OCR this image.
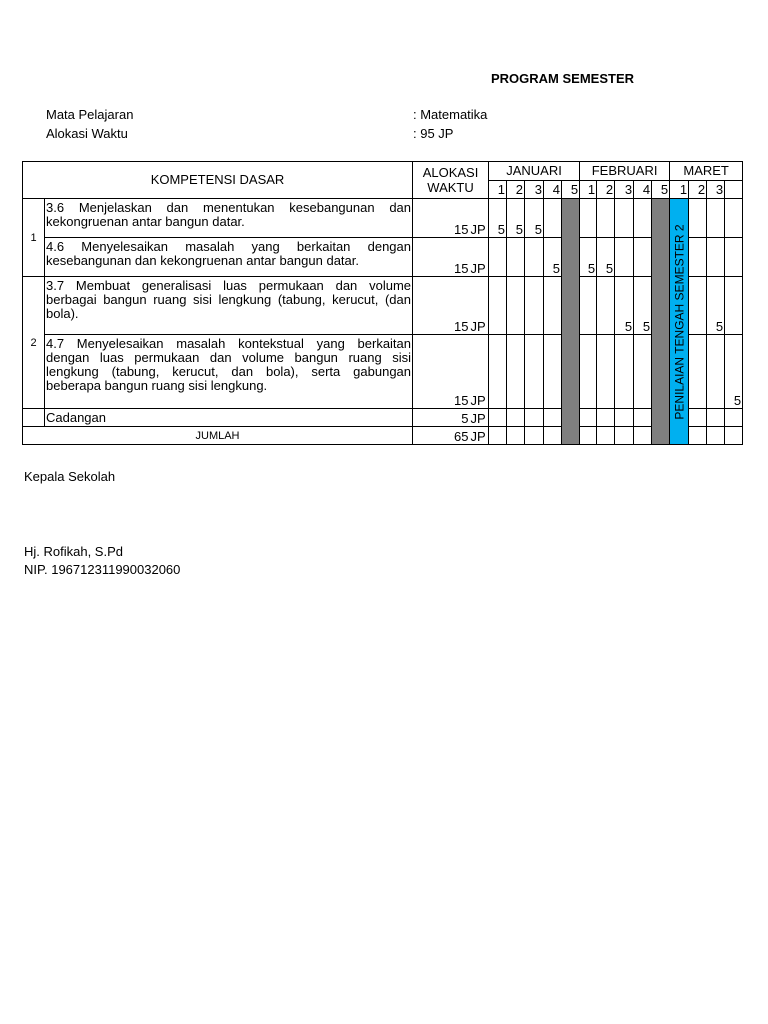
PROGRAM SEMESTER
Mata Pelajaran	: Matematika
Alokasi Waktu	: 95 JP
KOMPETENSI DASAR		ALOKASI
WAKTU		JANUARI					FEBRUARI					MARET			
				1	2	3	4	5	1	2	3	4	5	1	2	3	
1	3.6 Menjelaskan dan menentukan kesebangunan dan kekongruenan antar bangun datar.	15	JP	5	5	5								PENILAIAN TENGAH SEMESTER 2			

	4.6 Menyelesaikan masalah yang berkaitan dengan kesebangunan dan kekongruenan antar bangun datar.	15	JP				5		5	5							
2	3.7 Membuat generalisasi luas permukaan dan volume berbagai bangun ruang sisi lengkung (tabung, kerucut, (dan bola).	15	JP								5	5				5	
	4.7 Menyelesaikan masalah kontekstual yang berkaitan dengan luas permukaan dan volume bangun ruang sisi lengkung (tabung, kerucut, dan bola), serta gabungan beberapa bangun ruang sisi lengkung.	15	JP														5
	Cadangan	5	JP														
JUMLAH		65	JP														
Kepala Sekolah
Hj. Rofikah, S.Pd
NIP. 196712311990032060
